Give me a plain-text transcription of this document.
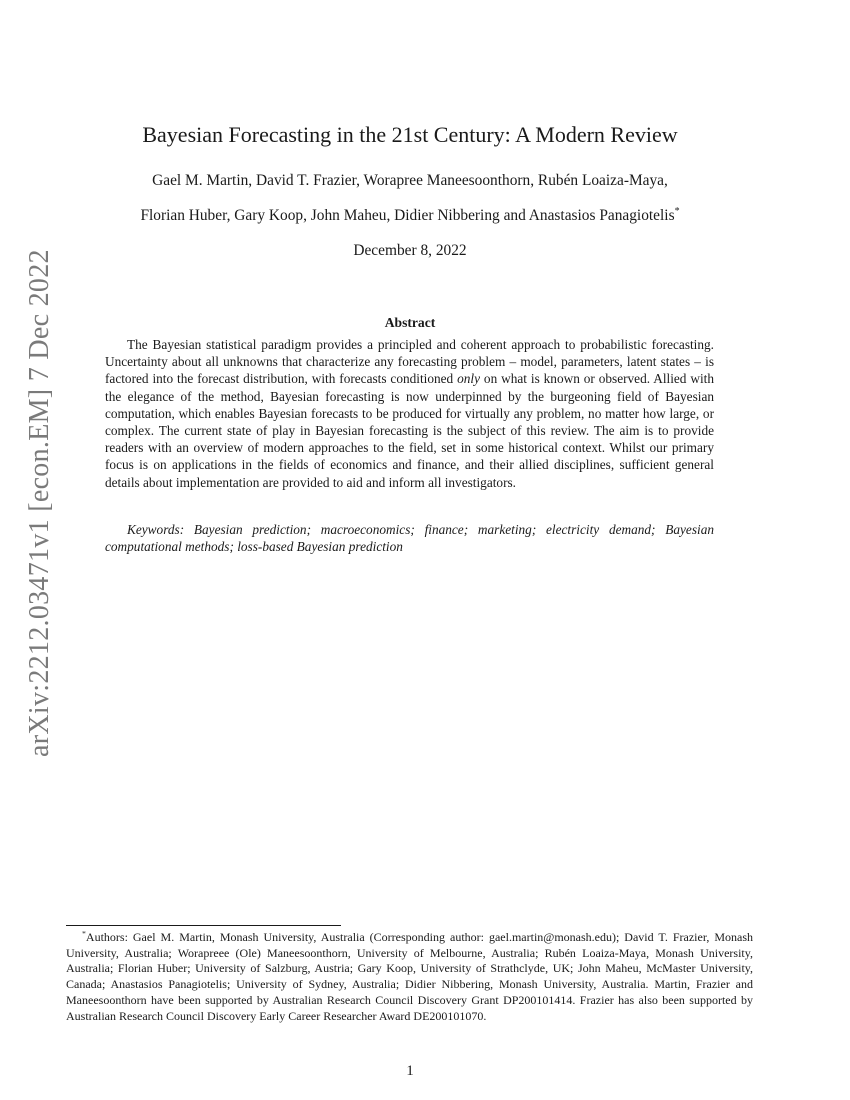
arXiv:2212.03471v1 [econ.EM] 7 Dec 2022
Bayesian Forecasting in the 21st Century: A Modern Review
Gael M. Martin, David T. Frazier, Worapree Maneesoonthorn, Rubén Loaiza-Maya,
Florian Huber, Gary Koop, John Maheu, Didier Nibbering and Anastasios Panagiotelis*
December 8, 2022
Abstract

The Bayesian statistical paradigm provides a principled and coherent approach to probabilistic forecasting. Uncertainty about all unknowns that characterize any forecasting problem – model, parameters, latent states – is factored into the forecast distribution, with forecasts conditioned only on what is known or observed. Allied with the elegance of the method, Bayesian forecasting is now underpinned by the burgeoning field of Bayesian computation, which enables Bayesian forecasts to be produced for virtually any problem, no matter how large, or complex. The current state of play in Bayesian forecasting is the subject of this review. The aim is to provide readers with an overview of modern approaches to the field, set in some historical context. Whilst our primary focus is on applications in the fields of economics and finance, and their allied disciplines, sufficient general details about implementation are provided to aid and inform all investigators.

Keywords: Bayesian prediction; macroeconomics; finance; marketing; electricity demand; Bayesian computational methods; loss-based Bayesian prediction

*Authors: Gael M. Martin, Monash University, Australia (Corresponding author: gael.martin@monash.edu); David T. Frazier, Monash University, Australia; Worapreee (Ole) Maneesoonthorn, University of Melbourne, Australia; Rubén Loaiza-Maya, Monash University, Australia; Florian Huber; University of Salzburg, Austria; Gary Koop, University of Strathclyde, UK; John Maheu, McMaster University, Canada; Anastasios Panagiotelis; University of Sydney, Australia; Didier Nibbering, Monash University, Australia. Martin, Frazier and Maneesoonthorn have been supported by Australian Research Council Discovery Grant DP200101414. Frazier has also been supported by Australian Research Council Discovery Early Career Researcher Award DE200101070.

1
